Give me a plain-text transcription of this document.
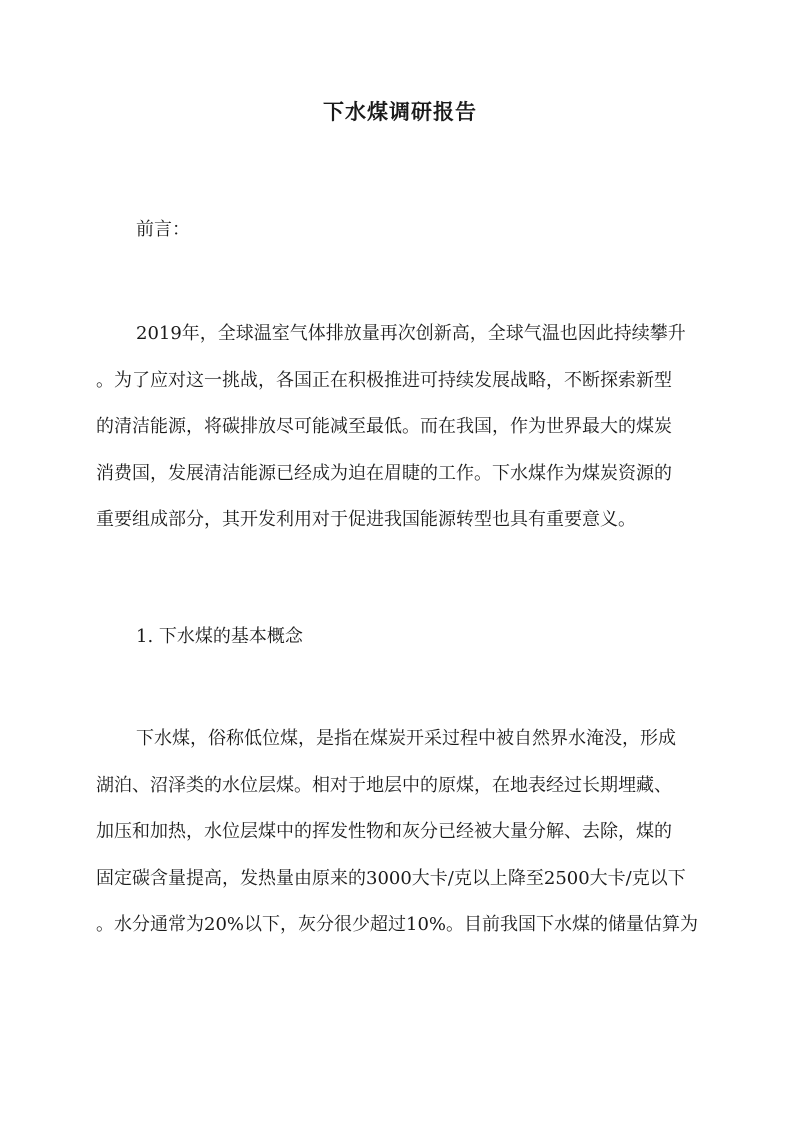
下水煤调研报告
前言：
2019年，全球温室气体排放量再次创新高，全球气温也因此持续攀升
。为了应对这一挑战，各国正在积极推进可持续发展战略，不断探索新型
的清洁能源，将碳排放尽可能减至最低。而在我国，作为世界最大的煤炭
消费国，发展清洁能源已经成为迫在眉睫的工作。下水煤作为煤炭资源的
重要组成部分，其开发利用对于促进我国能源转型也具有重要意义。
1. 下水煤的基本概念
下水煤，俗称低位煤，是指在煤炭开采过程中被自然界水淹没，形成
湖泊、沼泽类的水位层煤。相对于地层中的原煤，在地表经过长期埋藏、
加压和加热，水位层煤中的挥发性物和灰分已经被大量分解、去除，煤的
固定碳含量提高，发热量由原来的3000大卡/克以上降至2500大卡/克以下
。水分通常为20%以下，灰分很少超过10%。目前我国下水煤的储量估算为
